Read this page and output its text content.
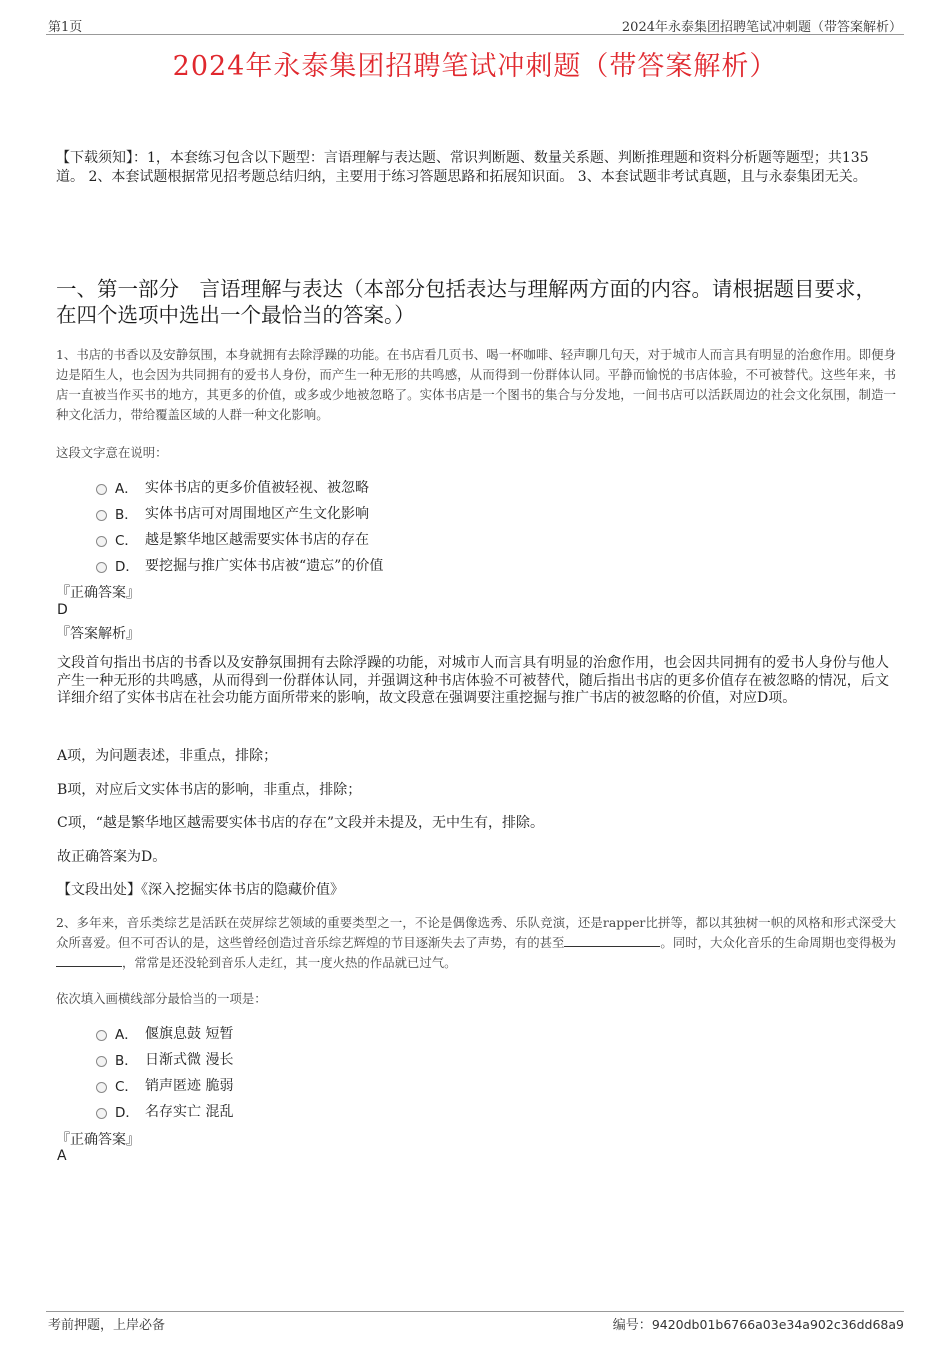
第1页	2024年永泰集团招聘笔试冲刺题（带答案解析）
2024年永泰集团招聘笔试冲刺题（带答案解析）
【下载须知】：1，本套练习包含以下题型：言语理解与表达题、常识判断题、数量关系题、判断推理题和资料分析题等题型；共135道。 2、本套试题根据常见招考题总结归纳，主要用于练习答题思路和拓展知识面。 3、本套试题非考试真题，且与永泰集团无关。
一、第一部分　言语理解与表达（本部分包括表达与理解两方面的内容。请根据题目要求，在四个选项中选出一个最恰当的答案。）
1、书店的书香以及安静氛围，本身就拥有去除浮躁的功能。在书店看几页书、喝一杯咖啡、轻声聊几句天，对于城市人而言具有明显的治愈作用。即便身边是陌生人，也会因为共同拥有的爱书人身份，而产生一种无形的共鸣感，从而得到一份群体认同。平静而愉悦的书店体验，不可被替代。这些年来，书店一直被当作买书的地方，其更多的价值，或多或少地被忽略了。实体书店是一个图书的集合与分发地，一间书店可以活跃周边的社会文化氛围，制造一种文化活力，带给覆盖区域的人群一种文化影响。
这段文字意在说明：
A． 实体书店的更多价值被轻视、被忽略
B． 实体书店可对周围地区产生文化影响
C． 越是繁华地区越需要实体书店的存在
D． 要挖掘与推广实体书店被“遗忘”的价值
『正确答案』
D
『答案解析』
文段首句指出书店的书香以及安静氛围拥有去除浮躁的功能，对城市人而言具有明显的治愈作用，也会因共同拥有的爱书人身份与他人产生一种无形的共鸣感，从而得到一份群体认同，并强调这种书店体验不可被替代，随后指出书店的更多价值存在被忽略的情况，后文详细介绍了实体书店在社会功能方面所带来的影响，故文段意在强调要注重挖掘与推广书店的被忽略的价值，对应D项。
A项，为问题表述，非重点，排除；
B项，对应后文实体书店的影响，非重点，排除；
C项，“越是繁华地区越需要实体书店的存在”文段并未提及，无中生有，排除。
故正确答案为D。
【文段出处】《深入挖掘实体书店的隐藏价值》
2、多年来，音乐类综艺是活跃在荧屏综艺领域的重要类型之一，不论是偶像选秀、乐队竞演，还是rapper比拼等，都以其独树一帜的风格和形式深受大众所喜爱。但不可否认的是，这些曾经创造过音乐综艺辉煌的节目逐渐失去了声势，有的甚至	。同时，大众化音乐的生命周期也变得极为，常常是还没轮到音乐人走红，其一度火热的作品就已过气。
依次填入画横线部分最恰当的一项是：
A． 偃旗息鼓 短暂
B． 日渐式微 漫长
C． 销声匿迹 脆弱
D． 名存实亡 混乱
『正确答案』
A
考前押题，上岸必备	编号：9420db01b6766a03e34a902c36dd68a9
